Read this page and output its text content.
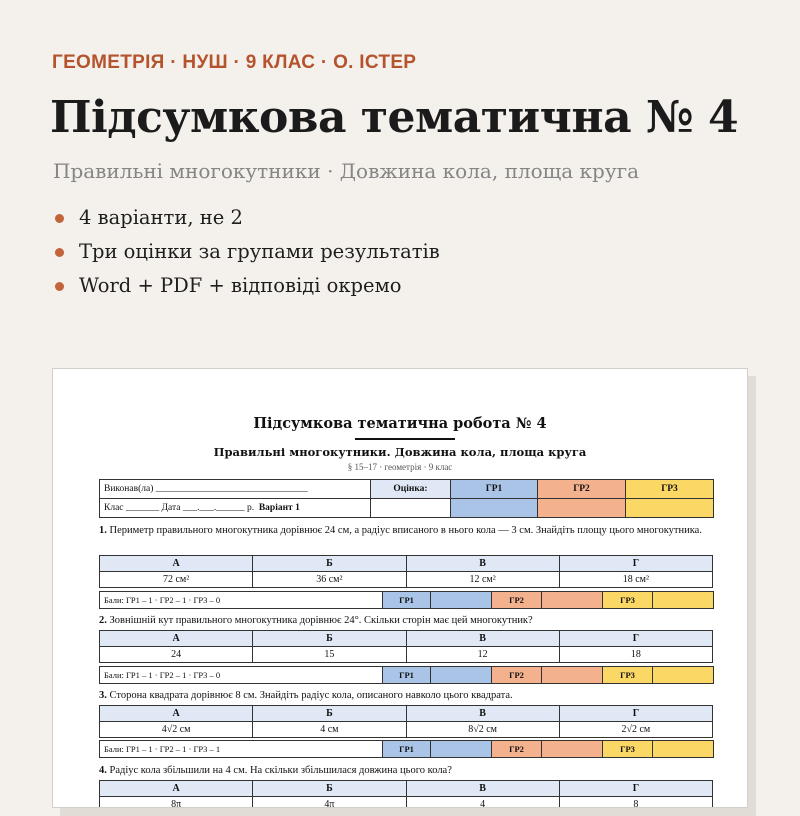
ГЕОМЕТРІЯ · НУШ · 9 КЛАС · О. ІСТЕР
Підсумкова тематична № 4
Правильні многокутники · Довжина кола, площа круга
4 варіанти, не 2
Три оцінки за групами результатів
Word + PDF + відповіді окремо
Підсумкова тематична робота № 4
Правильні многокутники. Довжина кола, площа круга
§ 15–17 · геометрія · 9 клас
Виконав(ла) ________________________________	Оцінка:	ГР1	ГР2	ГР3
Клас _______ Дата ___.___.______ р. Варіант 1				
1. Периметр правильного многокутника дорівнює 24 см, а радіус вписаного в нього кола — 3 см. Знайдіть площу цього многокутника.
А	Б	В	Г
72 см²	36 см²	12 см²	18 см²
Бали: ГР1 – 1 · ГР2 – 1 · ГР3 – 0	ГР1		ГР2		ГР3	
2. Зовнішній кут правильного многокутника дорівнює 24°. Скільки сторін має цей многокутник?
А	Б	В	Г
24	15	12	18
Бали: ГР1 – 1 · ГР2 – 1 · ГР3 – 0	ГР1		ГР2		ГР3	
3. Сторона квадрата дорівнює 8 см. Знайдіть радіус кола, описаного навколо цього квадрата.
А	Б	В	Г
4√2 см	4 см	8√2 см	2√2 см
Бали: ГР1 – 1 · ГР2 – 1 · ГР3 – 1	ГР1		ГР2		ГР3	
4. Радіус кола збільшили на 4 см. На скільки збільшилася довжина цього кола?
А	Б	В	Г
8π	4π	4	8
